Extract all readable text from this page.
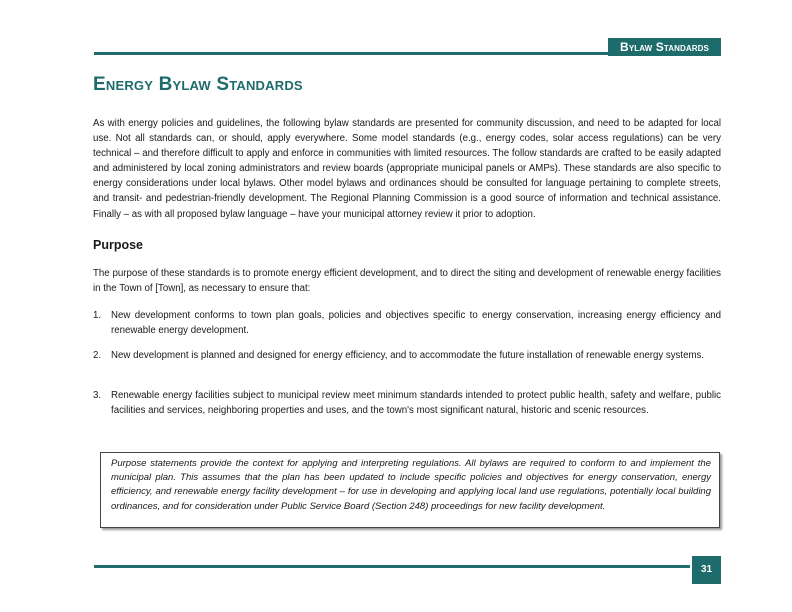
Bylaw Standards
Energy Bylaw Standards

As with energy policies and guidelines, the following bylaw standards are presented for community discussion, and need to be adapted for local use. Not all standards can, or should, apply everywhere. Some model standards (e.g., energy codes, solar access regulations) can be very technical – and therefore difficult to apply and enforce in communities with limited resources. The follow standards are crafted to be easily adapted and administered by local zoning administrators and review boards (appropriate municipal panels or AMPs). These standards are also specific to energy considerations under local bylaws. Other model bylaws and ordinances should be consulted for language pertaining to complete streets, and transit- and pedestrian-friendly development. The Regional Planning Commission is a good source of information and technical assistance. Finally – as with all proposed bylaw language – have your municipal attorney review it prior to adoption.

Purpose

The purpose of these standards is to promote energy efficient development, and to direct the siting and development of renewable energy facilities in the Town of [Town], as necessary to ensure that:

1.	New development conforms to town plan goals, policies and objectives specific to energy conservation, increasing energy efficiency and renewable energy development.
2.	New development is planned and designed for energy efficiency, and to accommodate the future installation of renewable energy systems.
3.	Renewable energy facilities subject to municipal review meet minimum standards intended to protect public health, safety and welfare, public facilities and services, neighboring properties and uses, and the town's most significant natural, historic and scenic resources.
Purpose statements provide the context for applying and interpreting regulations. All bylaws are required to conform to and implement the municipal plan. This assumes that the plan has been updated to include specific policies and objectives for energy conservation, energy efficiency, and renewable energy facility development – for use in developing and applying local land use regulations, potentially local building ordinances, and for consideration under Public Service Board (Section 248) proceedings for new facility development.
31
